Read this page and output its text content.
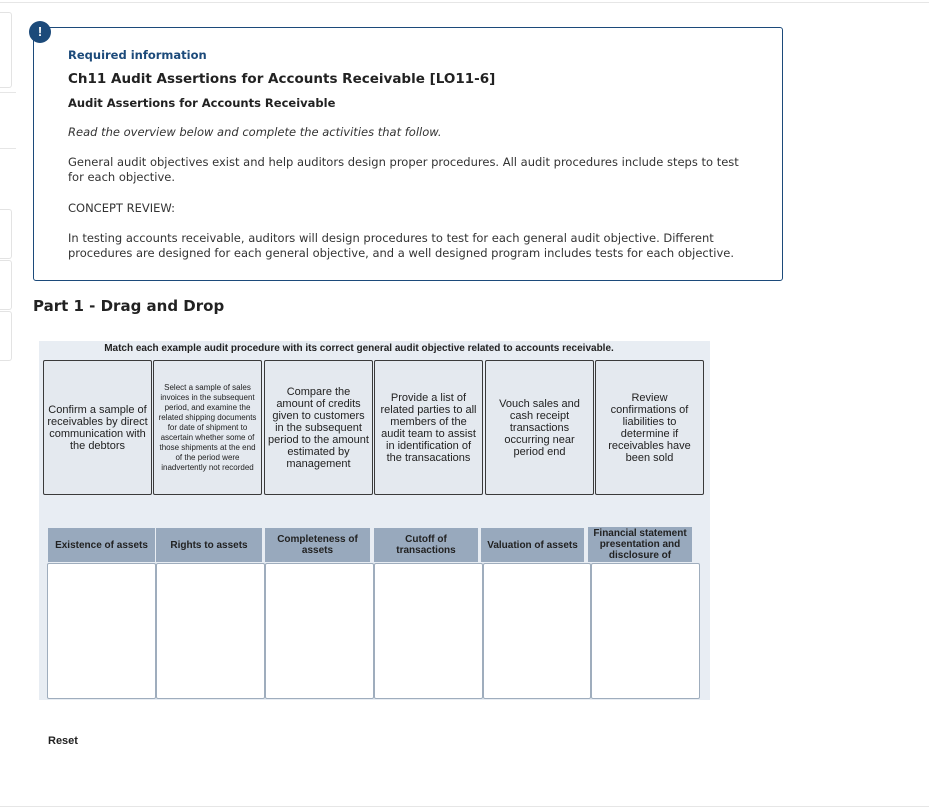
Required information
Ch11 Audit Assertions for Accounts Receivable [LO11-6]
Audit Assertions for Accounts Receivable
Read the overview below and complete the activities that follow.
General audit objectives exist and help auditors design proper procedures. All audit procedures include steps to test for each objective.
CONCEPT REVIEW:
In testing accounts receivable, auditors will design procedures to test for each general audit objective. Different procedures are designed for each general objective, and a well designed program includes tests for each objective.
!
Part 1 - Drag and Drop
Match each example audit procedure with its correct general audit objective related to accounts receivable.
Confirm a sample of receivables by direct communication with the debtors
Select a sample of sales invoices in the subsequent period, and examine the related shipping documents for date of shipment to ascertain whether some of those shipments at the end of the period were inadvertently not recorded
Compare the amount of credits given to customers in the subsequent period to the amount estimated by management
Provide a list of related parties to all members of the audit team to assist in identification of the transacations
Vouch sales and cash receipt transactions occurring near period end
Review confirmations of liabilities to determine if receivables have been sold
Existence of assets	Rights to assets	Completeness of assets
Cutoff of transactions	Valuation of assets
Financial statement presentation and disclosure of
Reset
